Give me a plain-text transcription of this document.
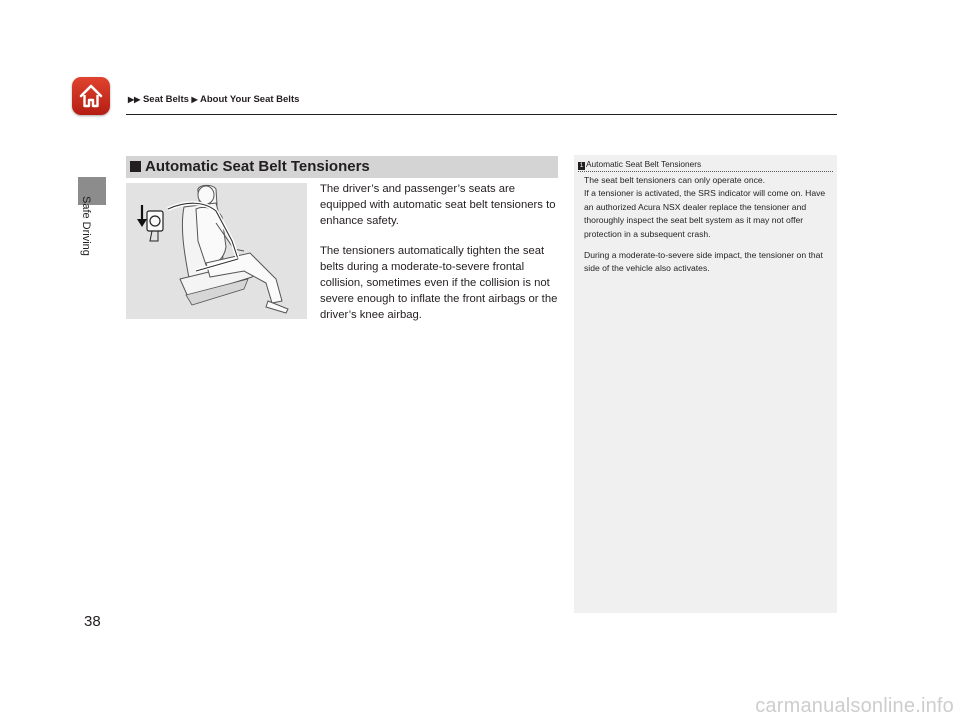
▶▶ Seat Belts ▶ About Your Seat Belts
Safe Driving
38
Automatic Seat Belt Tensioners

The driver’s and passenger’s seats are equipped with automatic seat belt tensioners to enhance safety.

The tensioners automatically tighten the seat belts during a moderate-to-severe frontal collision, sometimes even if the collision is not severe enough to inflate the front airbags or the driver’s knee airbag.

1 Automatic Seat Belt Tensioners
The seat belt tensioners can only operate once.

If a tensioner is activated, the SRS indicator will come on. Have an authorized Acura NSX dealer replace the tensioner and thoroughly inspect the seat belt system as it may not offer protection in a subsequent crash.

During a moderate-to-severe side impact, the tensioner on that side of the vehicle also activates.

carmanualsonline.info
